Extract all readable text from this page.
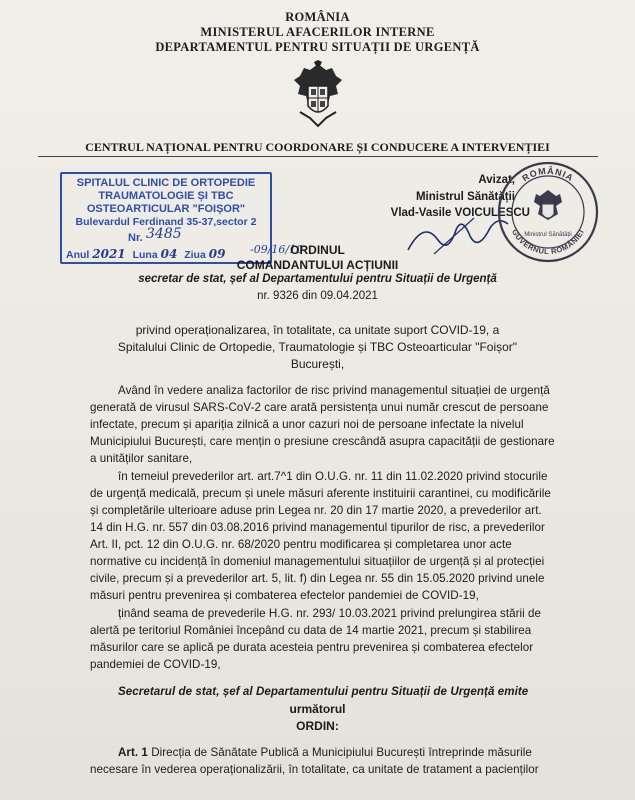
ROMÂNIA
MINISTERUL AFACERILOR INTERNE
DEPARTAMENTUL PENTRU SITUAȚII DE URGENȚĂ
CENTRUL NAȚIONAL PENTRU COORDONARE ȘI CONDUCERE A INTERVENȚIEI
SPITALUL CLINIC DE ORTOPEDIE
TRAUMATOLOGIE ȘI TBC
OSTEOARTICULAR "FOIȘOR"
Bulevardul Ferdinand 35-37,sector 2
Nr. 3485
Anul 2021 Luna 04 Ziua 09 -09/16/10
Avizat,
Ministrul Sănătății
Vlad-Vasile VOICULESCU
ROMÂNIA
GUVERNUL ROMÂNIEI
Ministrul Sănătății
ORDINUL
COMANDANTULUI ACȚIUNII
secretar de stat, șef al Departamentului pentru Situații de Urgență
nr. 9326 din 09.04.2021
privind operaționalizarea, în totalitate, ca unitate suport COVID-19, a
Spitalului Clinic de Ortopedie, Traumatologie și TBC Osteoarticular "Foișor"
București,
Având în vedere analiza factorilor de risc privind managementul situației de urgență
generată de virusul SARS-CoV-2 care arată persistența unui număr crescut de persoane
infectate, precum și apariția zilnică a unor cazuri noi de persoane infectate la nivelul
Municipiului București, care mențin o presiune crescândă asupra capacității de gestionare
a unităților sanitare,
în temeiul prevederilor art. art.7^1 din O.U.G. nr. 11 din 11.02.2020 privind stocurile
de urgență medicală, precum și unele măsuri aferente instituirii carantinei, cu modificările
și completările ulterioare aduse prin Legea nr. 20 din 17 martie 2020, a prevederilor art.
14 din H.G. nr. 557 din 03.08.2016 privind managementul tipurilor de risc, a prevederilor
Art. II, pct. 12 din O.U.G. nr. 68/2020 pentru modificarea și completarea unor acte
normative cu incidență în domeniul managementului situațiilor de urgență și al protecției
civile, precum și a prevederilor art. 5, lit. f) din Legea nr. 55 din 15.05.2020 privind unele
măsuri pentru prevenirea și combaterea efectelor pandemiei de COVID-19,
ținând seama de prevederile H.G. nr. 293/ 10.03.2021 privind prelungirea stării de
alertă pe teritoriul României începând cu data de 14 martie 2021, precum și stabilirea
măsurilor care se aplică pe durata acesteia pentru prevenirea și combaterea efectelor
pandemiei de COVID-19,
Secretarul de stat, șef al Departamentului pentru Situații de Urgență emite
următorul
ORDIN:
Art. 1 Direcția de Sănătate Publică a Municipiului București întreprinde măsurile
necesare în vederea operaționalizării, în totalitate, ca unitate de tratament a pacienților
